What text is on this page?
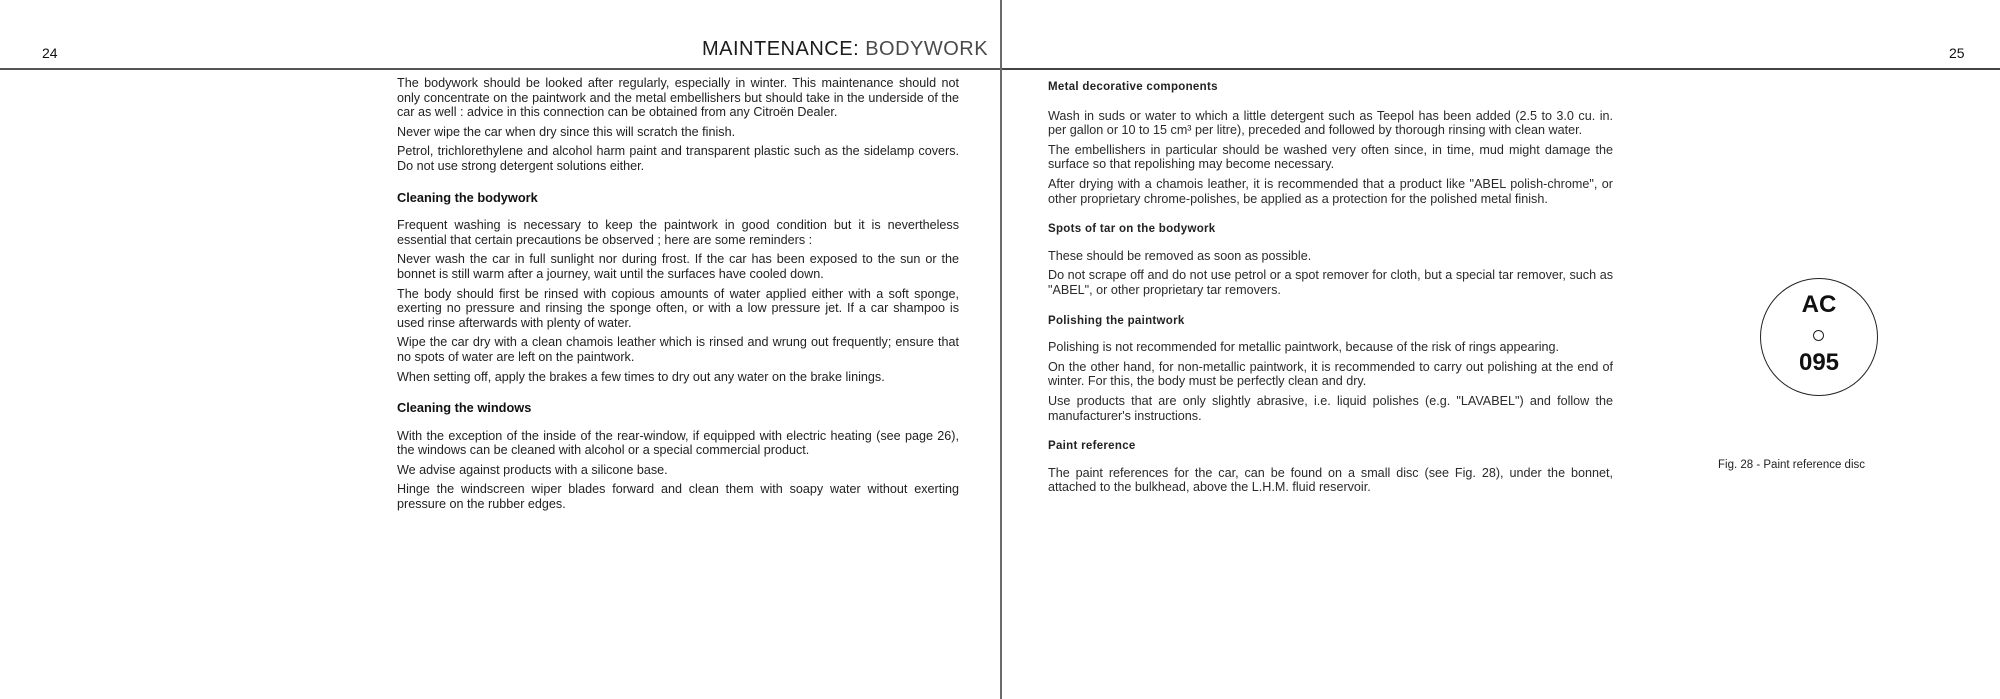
24	MAINTENANCE: BODYWORK

The bodywork should be looked after regularly, especially in winter. This maintenance should not only concentrate on the paintwork and the metal embellishers but should take in the underside of the car as well : advice in this connection can be obtained from any Citroën Dealer.

Never wipe the car when dry since this will scratch the finish.

Petrol, trichlorethylene and alcohol harm paint and transparent plastic such as the sidelamp covers. Do not use strong detergent solutions either.

Cleaning the bodywork

Frequent washing is necessary to keep the paintwork in good condition but it is nevertheless essential that certain precautions be observed ; here are some reminders :

Never wash the car in full sunlight nor during frost. If the car has been exposed to the sun or the bonnet is still warm after a journey, wait until the surfaces have cooled down.

The body should first be rinsed with copious amounts of water applied either with a soft sponge, exerting no pressure and rinsing the sponge often, or with a low pressure jet. If a car shampoo is used rinse afterwards with plenty of water.

Wipe the car dry with a clean chamois leather which is rinsed and wrung out frequently; ensure that no spots of water are left on the paintwork.

When setting off, apply the brakes a few times to dry out any water on the brake linings.

Cleaning the windows

With the exception of the inside of the rear-window, if equipped with electric heating (see page 26), the windows can be cleaned with alcohol or a special commercial product.

We advise against products with a silicone base.

Hinge the windscreen wiper blades forward and clean them with soapy water without exerting pressure on the rubber edges.

25
Metal decorative components

Wash in suds or water to which a little detergent such as Teepol has been added (2.5 to 3.0 cu. in. per gallon or 10 to 15 cm³ per litre), preceded and followed by thorough rinsing with clean water.

The embellishers in particular should be washed very often since, in time, mud might damage the surface so that repolishing may become necessary.

After drying with a chamois leather, it is recommended that a product like "ABEL polish-chrome", or other proprietary chrome-polishes, be applied as a protection for the polished metal finish.

Spots of tar on the bodywork

These should be removed as soon as possible.

Do not scrape off and do not use petrol or a spot remover for cloth, but a special tar remover, such as "ABEL", or other proprietary tar removers.

Polishing the paintwork

Polishing is not recommended for metallic paintwork, because of the risk of rings appearing.

On the other hand, for non-metallic paintwork, it is recommended to carry out polishing at the end of winter. For this, the body must be perfectly clean and dry.

Use products that are only slightly abrasive, i.e. liquid polishes (e.g. "LAVABEL") and follow the manufacturer's instructions.

Paint reference

The paint references for the car, can be found on a small disc (see Fig. 28), under the bonnet, attached to the bulkhead, above the L.H.M. fluid reservoir.

AC
095
Fig. 28 - Paint reference disc
